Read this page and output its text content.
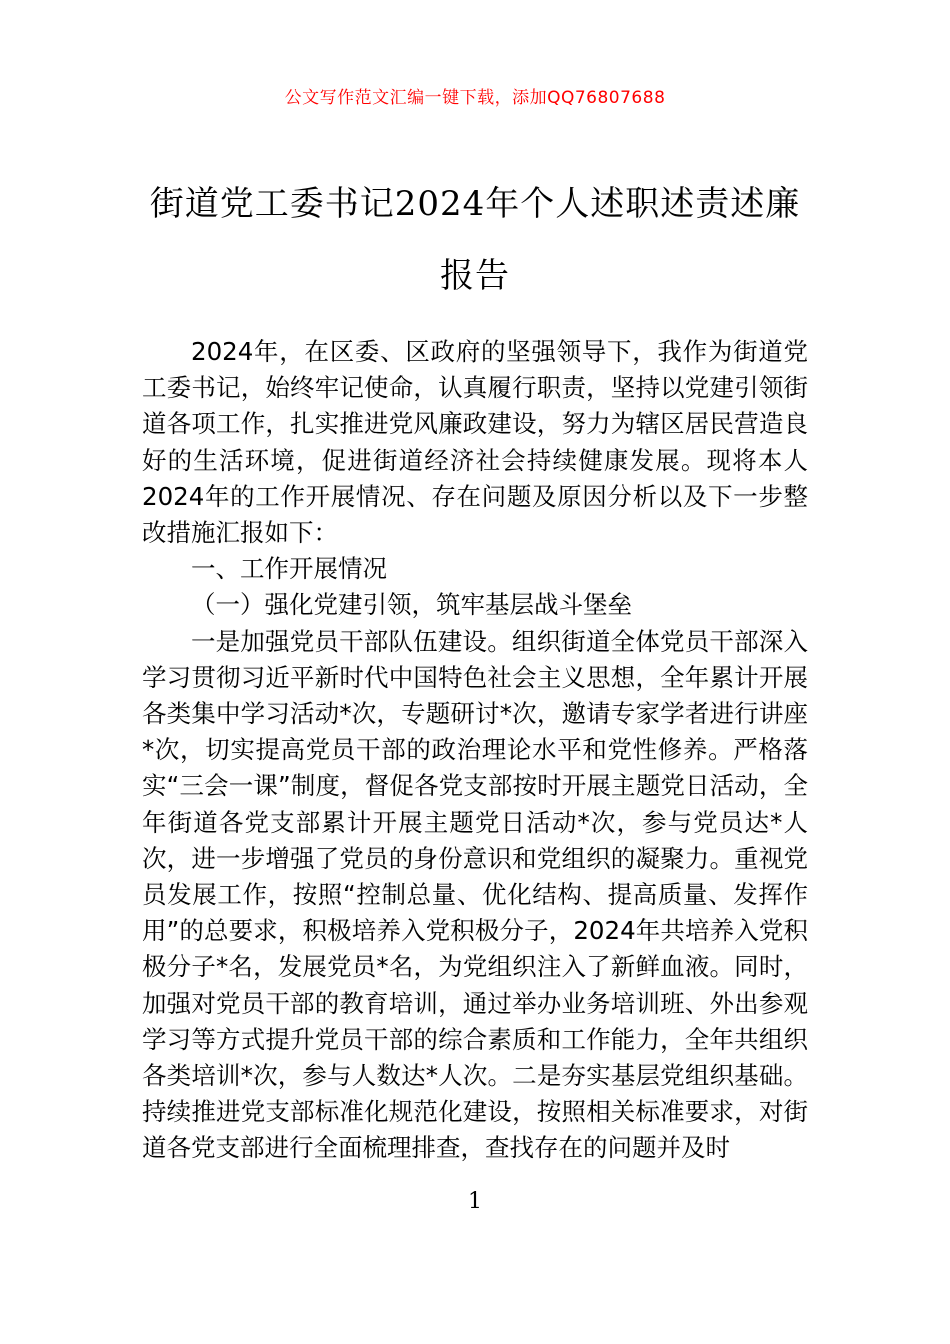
公文写作范文汇编一键下载，添加QQ76807688
街道党工委书记2024年个人述职述责述廉报告

2024年，在区委、区政府的坚强领导下，我作为街道党工委书记，始终牢记使命，认真履行职责，坚持以党建引领街道各项工作，扎实推进党风廉政建设，努力为辖区居民营造良好的生活环境，促进街道经济社会持续健康发展。现将本人2024年的工作开展情况、存在问题及原因分析以及下一步整改措施汇报如下：

一、工作开展情况

（一）强化党建引领，筑牢基层战斗堡垒

一是加强党员干部队伍建设。组织街道全体党员干部深入学习贯彻习近平新时代中国特色社会主义思想，全年累计开展各类集中学习活动*次，专题研讨*次，邀请专家学者进行讲座*次，切实提高党员干部的政治理论水平和党性修养。严格落实“三会一课”制度，督促各党支部按时开展主题党日活动，全年街道各党支部累计开展主题党日活动*次，参与党员达*人次，进一步增强了党员的身份意识和党组织的凝聚力。重视党员发展工作，按照“控制总量、优化结构、提高质量、发挥作用”的总要求，积极培养入党积极分子，2024年共培养入党积极分子*名，发展党员*名，为党组织注入了新鲜血液。同时，加强对党员干部的教育培训，通过举办业务培训班、外出参观学习等方式提升党员干部的综合素质和工作能力，全年共组织各类培训*次，参与人数达*人次。二是夯实基层党组织基础。持续推进党支部标准化规范化建设，按照相关标准要求，对街道各党支部进行全面梳理排查，查找存在的问题并及时

1
